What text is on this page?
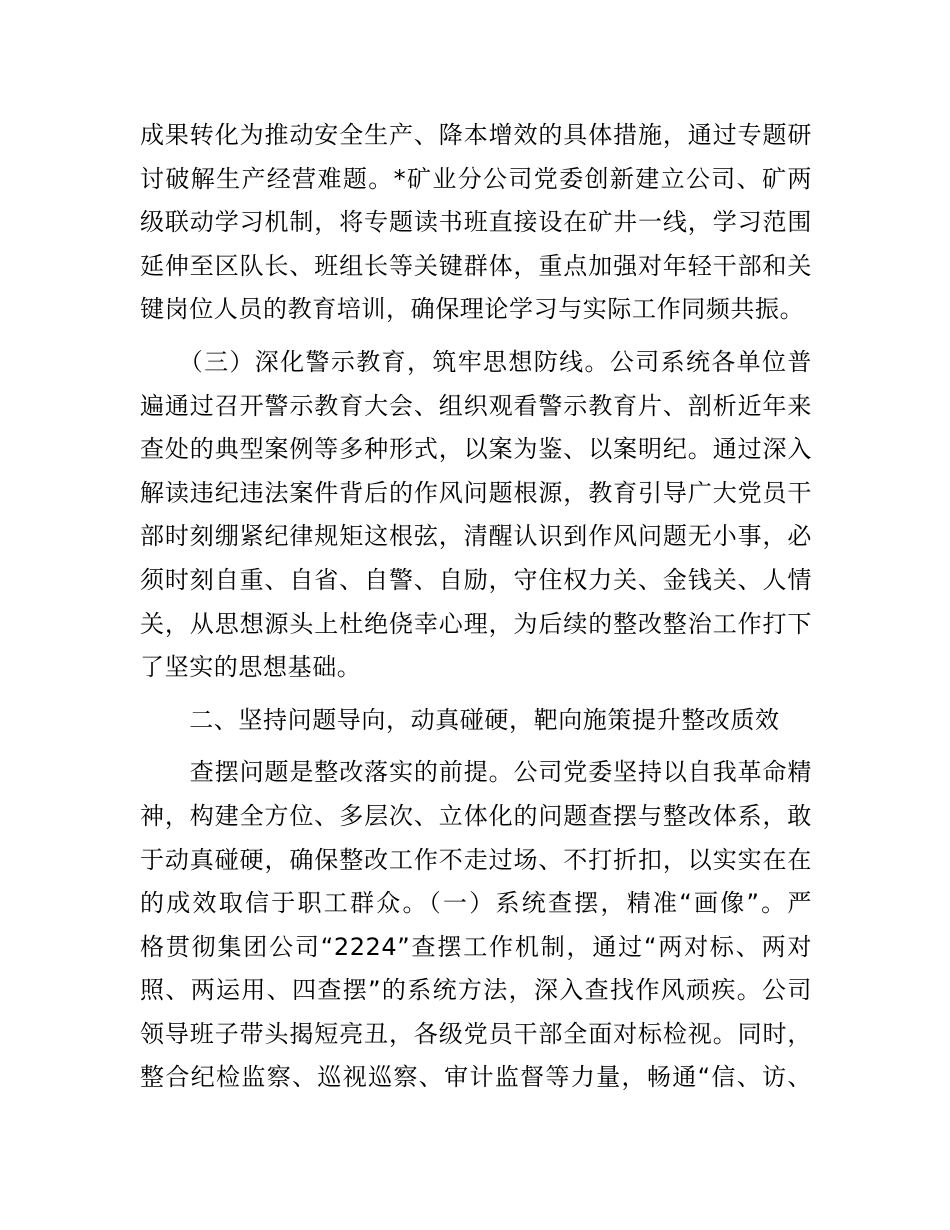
成果转化为推动安全生产、降本增效的具体措施，通过专题研
讨破解生产经营难题。*矿业分公司党委创新建立公司、矿两
级联动学习机制，将专题读书班直接设在矿井一线，学习范围
延伸至区队长、班组长等关键群体，重点加强对年轻干部和关
键岗位人员的教育培训，确保理论学习与实际工作同频共振。
　　（三）深化警示教育，筑牢思想防线。公司系统各单位普
遍通过召开警示教育大会、组织观看警示教育片、剖析近年来
查处的典型案例等多种形式，以案为鉴、以案明纪。通过深入
解读违纪违法案件背后的作风问题根源，教育引导广大党员干
部时刻绷紧纪律规矩这根弦，清醒认识到作风问题无小事，必
须时刻自重、自省、自警、自励，守住权力关、金钱关、人情
关，从思想源头上杜绝侥幸心理，为后续的整改整治工作打下
了坚实的思想基础。
　　二、坚持问题导向，动真碰硬，靶向施策提升整改质效
　　查摆问题是整改落实的前提。公司党委坚持以自我革命精
神，构建全方位、多层次、立体化的问题查摆与整改体系，敢
于动真碰硬，确保整改工作不走过场、不打折扣，以实实在在
的成效取信于职工群众。（一）系统查摆，精准“画像”。严
格贯彻集团公司“2224”查摆工作机制，通过“两对标、两对
照、两运用、四查摆”的系统方法，深入查找作风顽疾。公司
领导班子带头揭短亮丑，各级党员干部全面对标检视。同时，
整合纪检监察、巡视巡察、审计监督等力量，畅通“信、访、
